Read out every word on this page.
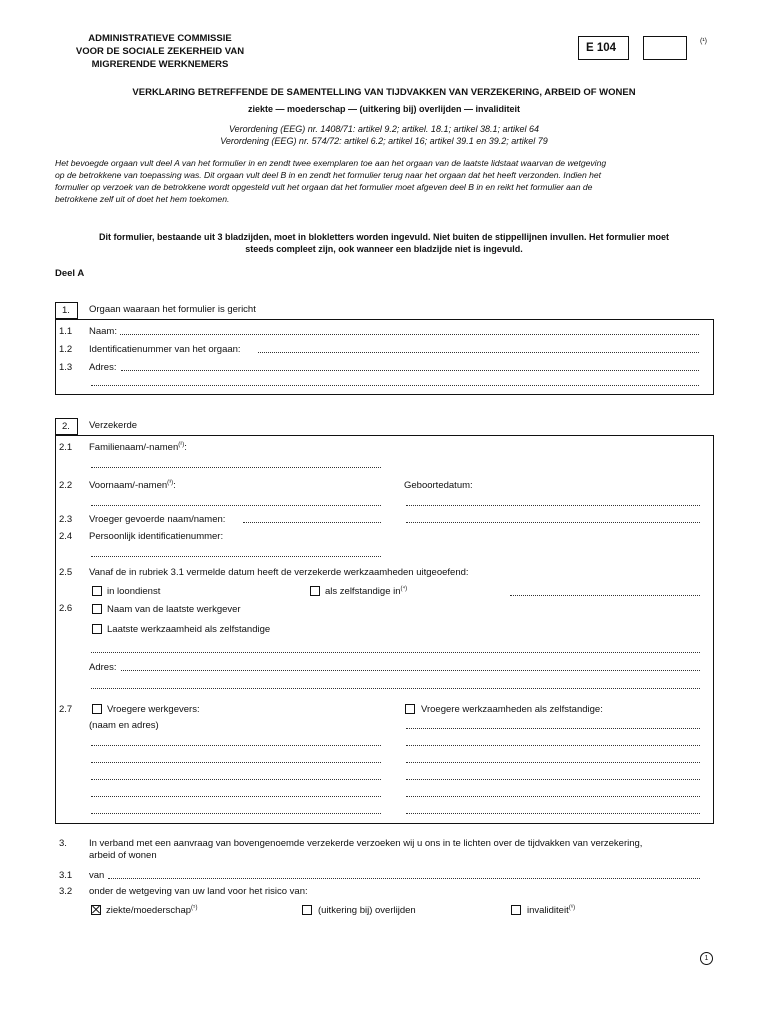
ADMINISTRATIEVE COMMISSIE
VOOR DE SOCIALE ZEKERHEID VAN
MIGRERENDE WERKNEMERS
E 104
(¹)
VERKLARING BETREFFENDE DE SAMENTELLING VAN TIJDVAKKEN VAN VERZEKERING, ARBEID OF WONEN
ziekte — moederschap — (uitkering bij) overlijden — invaliditeit
Verordening (EEG) nr. 1408/71: artikel 9.2; artikel. 18.1; artikel 38.1; artikel 64
Verordening (EEG) nr. 574/72: artikel 6.2; artikel 16; artikel 39.1 en 39.2; artikel 79
Het bevoegde orgaan vult deel A van het formulier in en zendt twee exemplaren toe aan het orgaan van de laatste lidstaat waarvan de wetgeving
op de betrokkene van toepassing was. Dit orgaan vult deel B in en zendt het formulier terug naar het orgaan dat het heeft verzonden. Indien het
formulier op verzoek van de betrokkene wordt opgesteld vult het orgaan dat het formulier moet afgeven deel B in en reikt het formulier aan de
betrokkene zelf uit of doet het hem toekomen.
Dit formulier, bestaande uit 3 bladzijden, moet in blokletters worden ingevuld. Niet buiten de stippellijnen invullen. Het formulier moet
steeds compleet zijn, ook wanneer een bladzijde niet is ingevuld.
Deel A
1. Orgaan waaraan het formulier is gericht
1.1 Naam:
1.2 Identificatienummer van het orgaan:
1.3 Adres:
2. Verzekerde
2.1 Familienaam/-namen$^{(^2)}$:
2.2 Voornaam/-namen$^{(^3)}$:	Geboortedatum:
2.3 Vroeger gevoerde naam/namen:
2.4 Persoonlijk identificatienummer:
2.5 Vanaf de in rubriek 3.1 vermelde datum heeft de verzekerde werkzaamheden uitgeoefend:
in loondienst	als zelfstandige $in^{(^4)}$
2.6	Naam van de laatste werkgever
Laatste werkzaamheid als zelfstandige
Adres:
2.7	Vroegere werkgevers:
(naam en adres)
Vroegere werkzaamheden als zelfstandige:
3. In verband met een aanvraag van bovengenoemde verzekerde verzoeken wij u ons in te lichten over de tijdvakken van verzekering,
arbeid of wonen
3.1 van
3.2 onder de wetgeving van uw land voor het risico van:
ziekte/moederschap$^{(^5)}$	(uitkering bij) overlijden	invaliditeit$^{(^6)}$
1
